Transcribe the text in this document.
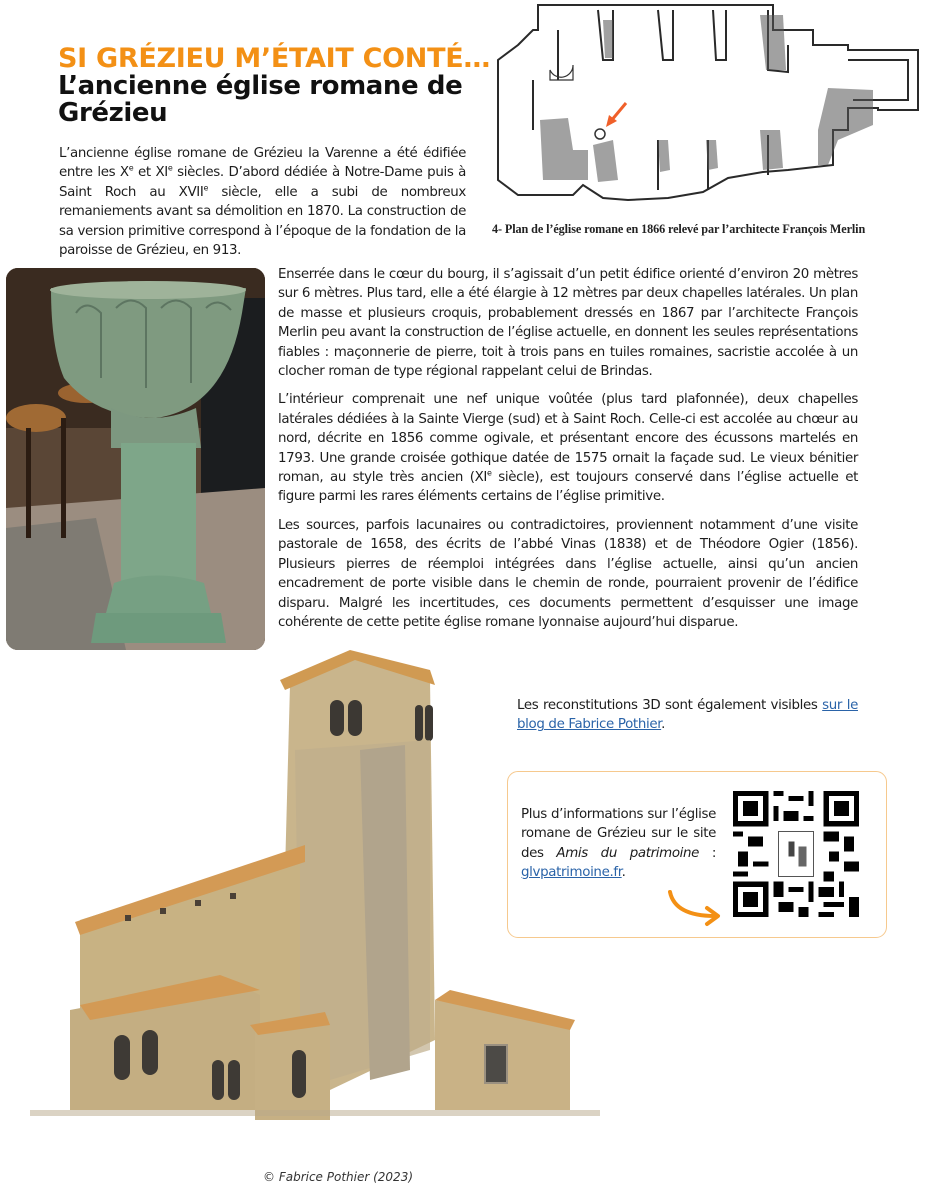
SI GRÉZIEU M’ÉTAIT CONTÉ…
L’ancienne église romane de Grézieu

L’ancienne église romane de Grézieu la Varenne a été édifiée entre les Xe et XIe siècles. D’abord dédiée à Notre-Dame puis à Saint Roch au XVIIe siècle, elle a subi de nombreux remaniements avant sa démolition en 1870. La construction de sa version primitive correspond à l’époque de la fondation de la paroisse de Grézieu, en 913.

4- Plan de l’église romane en 1866 relevé par l’architecte François Merlin

Enserrée dans le cœur du bourg, il s’agissait d’un petit édifice orienté d’environ 20 mètres sur 6 mètres. Plus tard, elle a été élargie à 12 mètres par deux chapelles latérales. Un plan de masse et plusieurs croquis, probablement dressés en 1867 par l’architecte François Merlin peu avant la construction de l’église actuelle, en donnent les seules représentations fiables : maçonnerie de pierre, toit à trois pans en tuiles romaines, sacristie accolée à un clocher roman de type régional rappelant celui de Brindas.

L’intérieur comprenait une nef unique voûtée (plus tard plafonnée), deux chapelles latérales dédiées à la Sainte Vierge (sud) et à Saint Roch. Celle-ci est accolée au chœur au nord, décrite en 1856 comme ogivale, et présentant encore des écussons martelés en 1793. Une grande croisée gothique datée de 1575 ornait la façade sud. Le vieux bénitier roman, au style très ancien (XIe siècle), est toujours conservé dans l’église actuelle et figure parmi les rares éléments certains de l’église primitive.

Les sources, parfois lacunaires ou contradictoires, proviennent notamment d’une visite pastorale de 1658, des écrits de l’abbé Vinas (1838) et de Théodore Ogier (1856). Plusieurs pierres de réemploi intégrées dans l’église actuelle, ainsi qu’un ancien encadrement de porte visible dans le chemin de ronde, pourraient provenir de l’édifice disparu. Malgré les incertitudes, ces documents permettent d’esquisser une image cohérente de cette petite église romane lyonnaise aujourd’hui disparue.

© Fabrice Pothier (2023)

Les reconstitutions 3D sont également visibles sur le blog de Fabrice Pothier.

Plus d’informations sur l’église romane de Grézieu sur le site des Amis du patrimoine : glvpatrimoine.fr.
